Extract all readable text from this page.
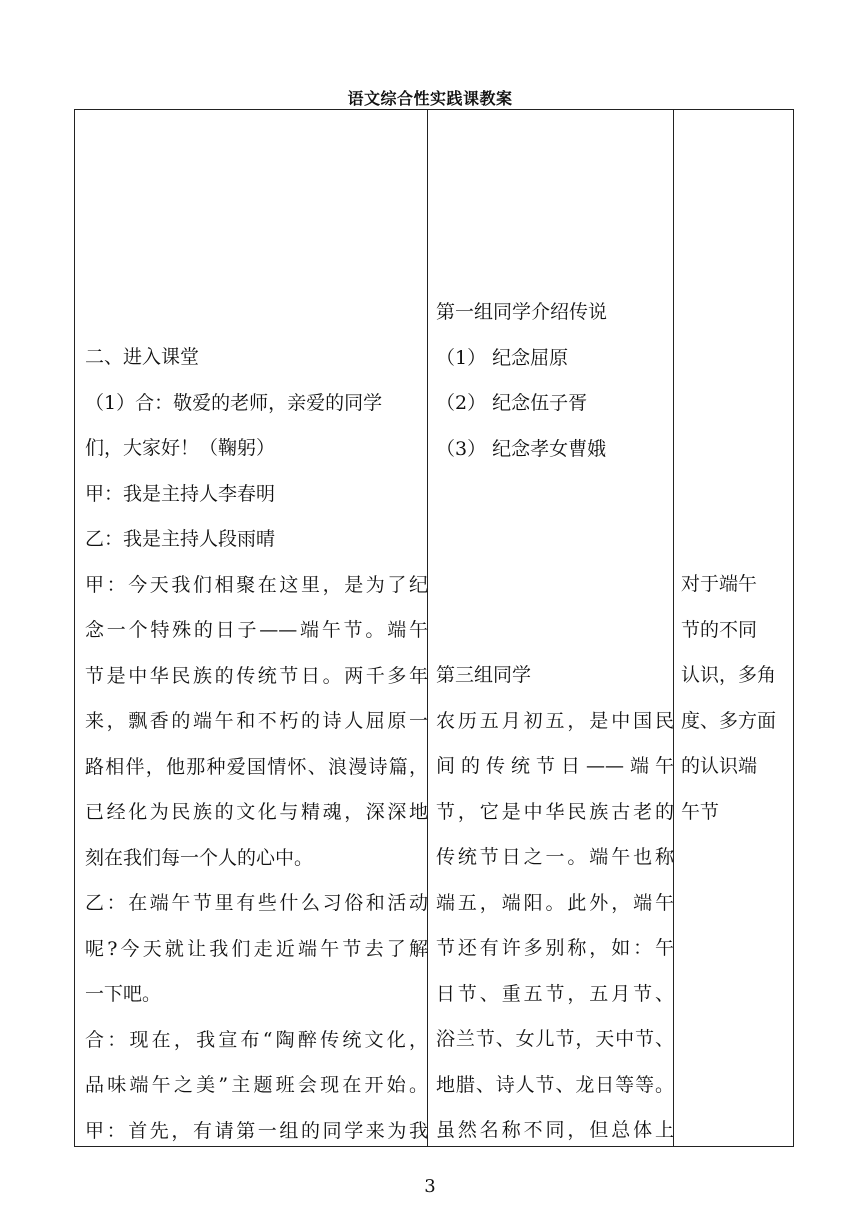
语文综合性实践课教案
二、进入课堂
（1）合：敬爱的老师，亲爱的同学
们，大家好！（鞠躬）
甲：我是主持人李春明
乙：我是主持人段雨晴
甲：今天我们相聚在这里，是为了纪
念一个特殊的日子——端午节。端午
节是中华民族的传统节日。两千多年
来，飘香的端午和不朽的诗人屈原一
路相伴，他那种爱国情怀、浪漫诗篇，
已经化为民族的文化与精魂，深深地
刻在我们每一个人的心中。
乙：在端午节里有些什么习俗和活动
呢?今天就让我们走近端午节去了解
一下吧。
合：现在，我宣布“陶醉传统文化，
品味端午之美”主题班会现在开始。
甲：首先，有请第一组的同学来为我
第一组同学介绍传说
（1） 纪念屈原
（2） 纪念伍子胥
（3） 纪念孝女曹娥
第三组同学
农历五月初五，是中国民
间的传统节日——端午
节，它是中华民族古老的
传统节日之一。端午也称
端五，端阳。此外，端午
节还有许多别称，如：午
日节、重五节，五月节、
浴兰节、女儿节，天中节、
地腊、诗人节、龙日等等。
虽然名称不同，但总体上
对于端午
节的不同
认识，多角
度、多方面
的认识端
午节
3
